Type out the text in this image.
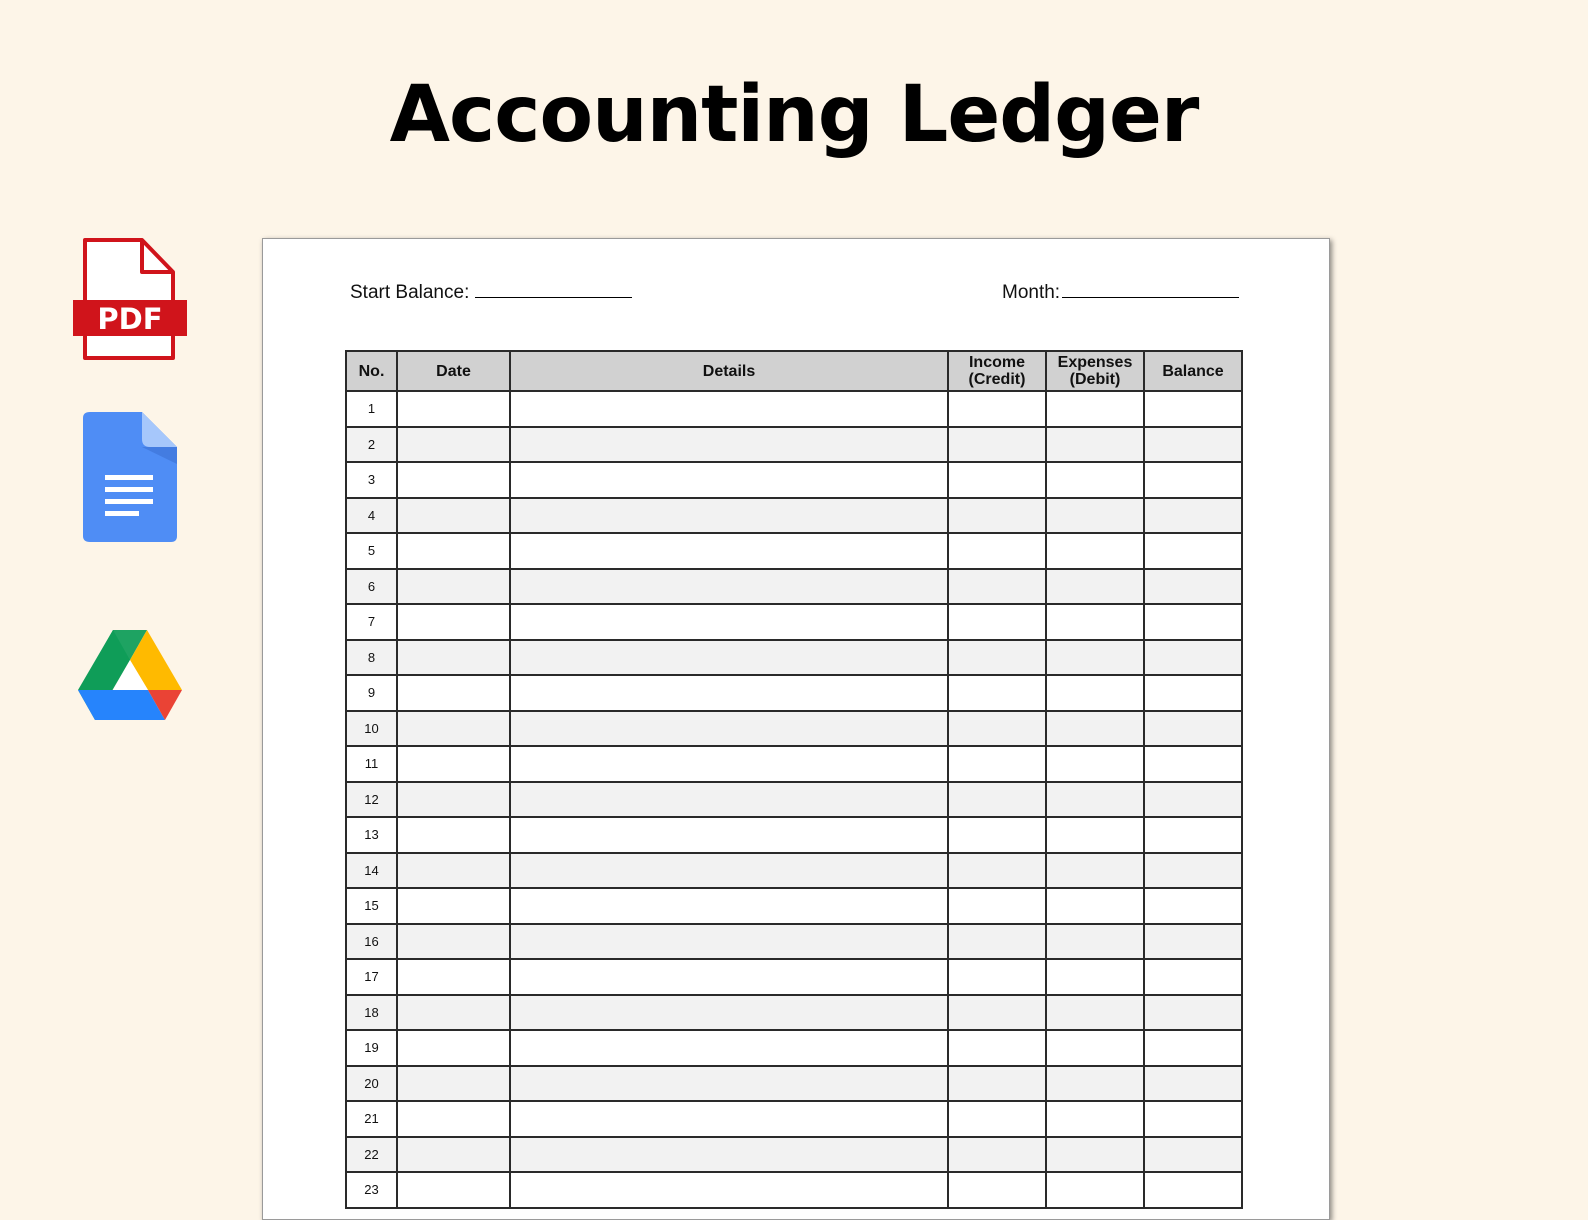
Accounting Ledger
PDF
Start Balance:	Month:
No.	Date	Details	Income (Credit)	Expenses (Debit)	Balance
1					
2					
3					
4					
5					
6					
7					
8					
9					
10					
11					
12					
13					
14					
15					
16					
17					
18					
19					
20					
21					
22					
23					
